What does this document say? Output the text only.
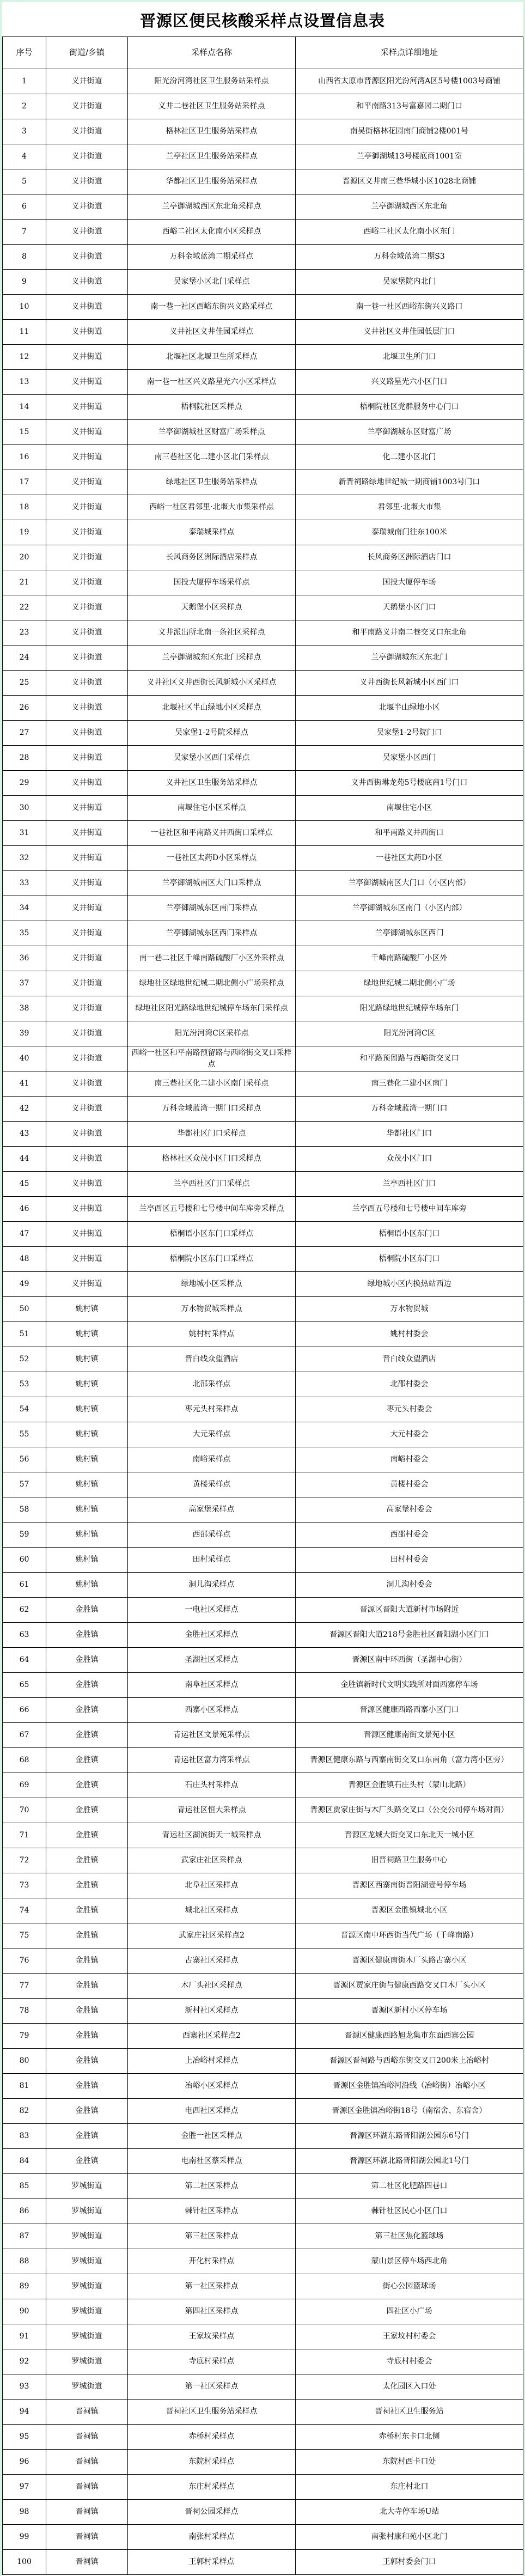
晋源区便民核酸采样点设置信息表
序号	街道/乡镇	采样点名称	采样点详细地址
1	义井街道	阳光汾河湾社区卫生服务站采样点	山西省太原市晋源区阳光汾河湾A区5号楼1003号商铺
2	义井街道	义井二巷社区卫生服务站采样点	和平南路313号富嘉园二期门口
3	义井街道	格林社区卫生服务站采样点	南吴街格林花园南门商铺2楼001号
4	义井街道	兰亭社区卫生服务站采样点	兰亭御湖城13号楼底商1001室
5	义井街道	华都社区卫生服务站采样点	晋源区义井南三巷华城小区1028北商铺
6	义井街道	兰亭御湖城西区东北角采样点	兰亭御湖城西区东北角
7	义井街道	西峪二社区太化南小区采样点	西峪二社区太化南小区东门
8	义井街道	万科金域蓝湾二期采样点	万科金域蓝湾二期S3
9	义井街道	吴家堡小区北门采样点	吴家堡院内北门
10	义井街道	南一巷一社区西峪东街兴义路采样点	南一巷一社区西峪东街兴义路口
11	义井街道	义井社区义井佳园采样点	义井社区义井佳园低层门口
12	义井街道	北堰社区北堰卫生所采样点	北堰卫生所门口
13	义井街道	南一巷一社区兴义路星光六小区采样点	兴义路星光六小区门口
14	义井街道	梧桐院社区采样点	梧桐院社区党群服务中心门口
15	义井街道	兰亭御湖城社区财富广场采样点	兰亭御湖城东区财富广场
16	义井街道	南三巷社区化二建小区北门采样点	化二建小区北门
17	义井街道	绿地社区卫生服务站采样点	新晋祠路绿地世纪城一期商铺1003号门口
18	义井街道	西峪一社区君邻里·北堰大市集采样点	君邻里·北堰大市集
19	义井街道	泰瑞城采样点	泰瑞城南门往东100米
20	义井街道	长风商务区洲际酒店采样点	长风商务区洲际酒店门口
21	义井街道	国投大厦停车场采样点	国投大厦停车场
22	义井街道	天鹅堡小区采样点	天鹅堡小区门口
23	义井街道	义井派出所北南一条社区采样点	和平南路义井南二巷交叉口东北角
24	义井街道	兰亭御湖城东区东北门采样点	兰亭御湖城东区东北门
25	义井街道	义井社区义井西街长风新城小区采样点	义井西街长风新城小区西门口
26	义井街道	北堰社区半山绿地小区采样点	北堰半山绿地小区
27	义井街道	吴家堡1-2号院采样点	吴家堡1-2号院门口
28	义井街道	吴家堡小区西门采样点	吴家堡小区西门
29	义井街道	义井社区卫生服务站采样点	义井西街琳龙苑5号楼底商1号门口
30	义井街道	南堰住宅小区采样点	南堰住宅小区
31	义井街道	一巷社区和平南路义井西街口采样点	和平南路义井西街口
32	义井街道	一巷社区太药D小区采样点	一巷社区太药D小区
33	义井街道	兰亭御湖城南区大门口采样点	兰亭御湖城南区大门口（小区内部）
34	义井街道	兰亭御湖城东区南门采样点	兰亭御湖城东区南门（小区内部）
35	义井街道	兰亭御湖城东区西门采样点	兰亭御湖城东区西门
36	义井街道	南一巷二社区千峰南路硫酸厂小区外采样点	千峰南路硫酸厂小区外
37	义井街道	绿地社区绿地世纪城二期北侧小广场采样点	绿地世纪城二期北侧小广场
38	义井街道	绿地社区阳光路绿地世纪城停车场东门采样点	阳光路绿地世纪城停车场东门
39	义井街道	阳光汾河湾C区采样点	阳光汾河湾C区
40	义井街道	西峪一社区和平南路预留路与西峪街交叉口采样点	和平路预留路与西峪街交叉口
41	义井街道	南三巷社区化二建小区南门采样点	南三巷化二建小区南门
42	义井街道	万科金域蓝湾一期门口采样点	万科金域蓝湾一期门口
43	义井街道	华都社区门口采样点	华都社区门口
44	义井街道	格林社区众茂小区门口采样点	众茂小区门口
45	义井街道	兰亭西社区门口采样点	兰亭西社区门口
46	义井街道	兰亭西区五号楼和七号楼中间车库旁采样点	兰亭西五号楼和七号楼中间车库旁
47	义井街道	梧桐语小区东门口采样点	梧桐语小区东门口
48	义井街道	梧桐院小区东门口采样点	梧桐院小区东门口
49	义井街道	绿地城小区采样点	绿地城小区内换热站西边
50	姚村镇	万水物贸城采样点	万水物贸城
51	姚村镇	姚村村采样点	姚村村委会
52	姚村镇	晋白线众望酒店	晋白线众望酒店
53	姚村镇	北邵采样点	北邵村委会
54	姚村镇	枣元头村采样点	枣元头村委会
55	姚村镇	大元采样点	大元村委会
56	姚村镇	南峪采样点	南峪村委会
57	姚村镇	黄楼采样点	黄楼村委会
58	姚村镇	高家堡采样点	高家堡村委会
59	姚村镇	西邵采样点	西邵村委会
60	姚村镇	田村采样点	田村村委会
61	姚村镇	洞儿沟采样点	洞儿沟村委会
62	金胜镇	一电社区采样点	晋源区晋阳大道新村市场附近
63	金胜镇	金胜社区采样点	晋源区晋阳大道218号金胜社区晋阳湖小区门口
64	金胜镇	圣湖社区采样点	晋源区南中环西街（圣湖中心街）
65	金胜镇	南阜社区采样点	金胜镇新时代文明实践所对面西寨停车场
66	金胜镇	西寨小区采样点	晋源区健康西路西寨小区门口
67	金胜镇	青运社区文景苑采样点	晋源区健康南街文景苑小区
68	金胜镇	青运社区富力湾采样点	晋源区健康东路与西寨南街交叉口东南角（富力湾小区旁）
69	金胜镇	石庄头村采样点	晋源区金胜镇石庄头村（蒙山北路）
70	金胜镇	青运社区恒大采样点	晋源区贾家庄街与木厂头路交叉口（公交公司停车场对面）
71	金胜镇	青运社区湖滨街天一城采样点	晋源区龙城大街交叉口东北天一城小区
72	金胜镇	武家庄社区采样点	旧晋祠路卫生服务中心
73	金胜镇	北阜社区采样点	晋源区西寨南街晋阳湖壹号停车场
74	金胜镇	城北社区采样点	晋源区金胜镇城北小区
75	金胜镇	武家庄社区采样点2	晋源区南中环西街当代广场（千峰南路）
76	金胜镇	古寨社区采样点	晋源区健康南街木厂头路古寨小区
77	金胜镇	木厂头社区采样点	晋源区贾家庄街与健康西路交叉口木厂头小区
78	金胜镇	新村社区采样点	晋源区新村小区停车场
79	金胜镇	西寨社区采样点2	晋源区健康西路旭龙集市东面西寨公园
80	金胜镇	上冶峪村采样点	晋源区晋祠路与西峪东街交叉口200米上冶峪村
81	金胜镇	冶峪小区采样点	晋源区金胜镇冶峪河沿线（冶峪街）冶峪小区
82	金胜镇	电西社区采样点	晋源区金胜镇冶峪街18号（南宿舍、东宿舍）
83	金胜镇	金胜一社区采样点	晋源区环湖东路晋阳湖公园东6号门
84	金胜镇	电南社区蔡采样点	晋源区环湖北路晋阳湖公园北1号门
85	罗城街道	第二社区采样点	第二社区化肥路四巷口
86	罗城街道	棘针社区采样点	棘针社区民心小区门口
87	罗城街道	第三社区采样点	第三社区焦化篮球场
88	罗城街道	开化村采样点	蒙山景区停车场西北角
89	罗城街道	第一社区采样点	街心公园篮球场
90	罗城街道	第四社区采样点	四社区小广场
91	罗城街道	王家坟采样点	王家坟村村委会
92	罗城街道	寺底村采样点	寺底村村委会
93	罗城街道	第一社区采样点	太化园区入口处
94	晋祠镇	晋祠社区卫生服务站采样点	晋祠社区卫生服务站
95	晋祠镇	赤桥村采样点	赤桥村东卡口北侧
96	晋祠镇	东院村采样点	东院村西卡口处
97	晋祠镇	东庄村采样点	东庄村北口
98	晋祠镇	晋祠公园采样点	北大寺停车场U站
99	晋祠镇	南张村采样点	南张村康和苑小区北门
100	晋祠镇	王郭村采样点	王郭村委会门口
